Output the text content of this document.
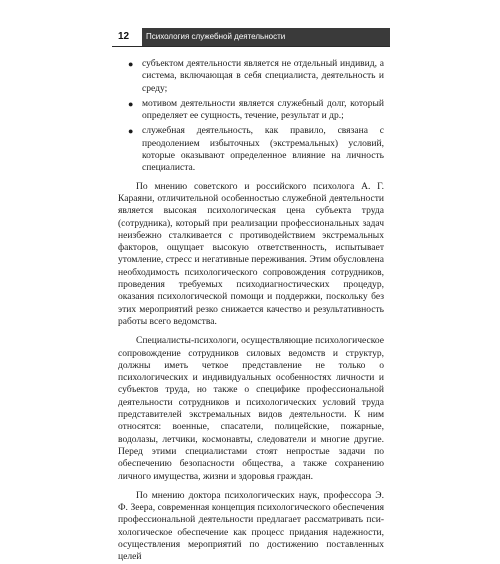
12	Психология служебной деятельности
● субъектом деятельности является не отдельный индивид, а система, включающая в себя специалиста, деятельность и среду;
● мотивом деятельности является служебный долг, который определяет ее сущность, течение, результат и др.;
● служебная деятельность, как правило, связана с преодолением избыточных (экстремальных) условий, которые оказывают определенное влияние на личность специалиста.

По мнению советского и российского психолога А. Г. Караяни, отличительной особенностью служебной деятельности является высокая психологическая цена субъекта труда (сотрудника), который при реализации профессиональных задач неизбежно сталкивается с противодействием экстремальных факторов, ощущает высокую ответственность, испытывает утомление, стресс и негативные переживания. Этим обусловлена необходимость психологического сопровождения сотрудников, проведения требуемых психодиагностических процедур, оказания психологической помощи и поддержки, поскольку без этих мероприятий резко снижается качество и результативность работы всего ведомства.

Специалисты-психологи, осуществляющие психологическое сопровождение сотрудников силовых ведомств и структур, должны иметь четкое представление не только о психологических и индивидуальных особенностях личности и субъектов труда, но также о специфике профессиональной деятельности сотрудников и психологических условий труда представителей экстремальных видов деятельности. К ним относятся: военные, спасатели, полицейские, пожарные, водолазы, летчики, космонавты, следователи и многие другие. Перед этими специалистами стоят непростые задачи по обеспечению безопасности общества, а также сохранению личного имущества, жизни и здоровья граждан.

По мнению доктора психологических наук, профессора Э. Ф. Зеера, современная концепция психологического обеспечения профессиональной деятельности предлагает рассматривать психологическое обеспечение как процесс придания надежности, осуществления мероприятий по достижению поставленных целей
